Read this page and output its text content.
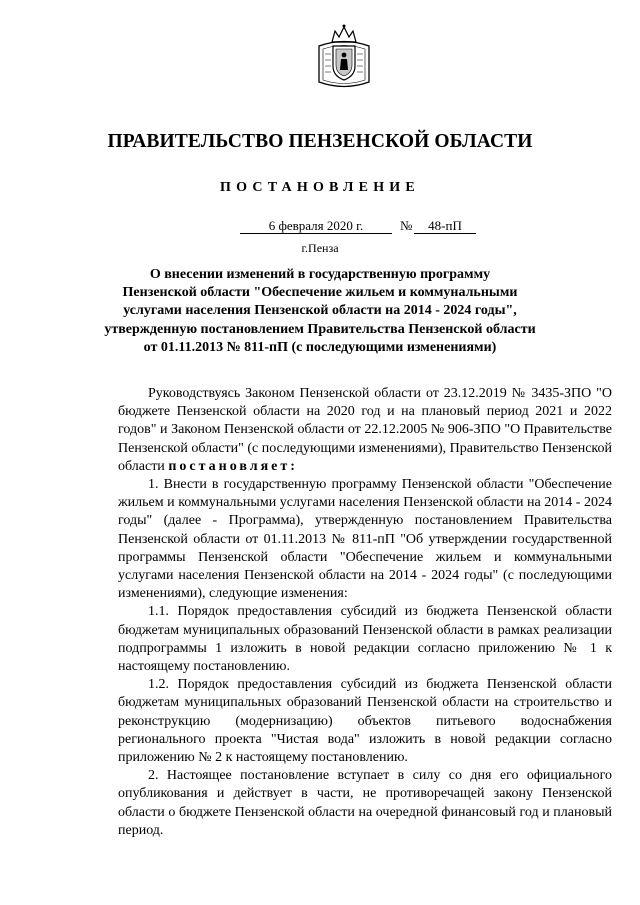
ПРАВИТЕЛЬСТВО ПЕНЗЕНСКОЙ ОБЛАСТИ
ПОСТАНОВЛЕНИЕ
6 февраля 2020 г.	№	48-пП
г.Пенза
О внесении изменений в государственную программу
Пензенской области "Обеспечение жильем и коммунальными
услугами населения Пензенской области на 2014 - 2024 годы",
утвержденную постановлением Правительства Пензенской области
от 01.11.2013 № 811-пП (с последующими изменениями)

Руководствуясь Законом Пензенской области от 23.12.2019 № 3435-ЗПО "О бюджете Пензенской области на 2020 год и на плановый период 2021 и 2022 годов" и Законом Пензенской области от 22.12.2005 № 906-ЗПО "О Правительстве Пензенской области" (с последующими изменениями), Правительство Пензенской области постановляет:

1. Внести в государственную программу Пензенской области "Обеспечение жильем и коммунальными услугами населения Пензенской области на 2014 - 2024 годы" (далее - Программа), утвержденную постановлением Правительства Пензенской области от 01.11.2013 № 811-пП "Об утверждении государственной программы Пензенской области "Обеспечение жильем и коммунальными услугами населения Пензенской области на 2014 - 2024 годы" (с последующими изменениями), следующие изменения:

1.1. Порядок предоставления субсидий из бюджета Пензенской области бюджетам муниципальных образований Пензенской области в рамках реализации подпрограммы 1 изложить в новой редакции согласно приложению № 1 к настоящему постановлению.

1.2. Порядок предоставления субсидий из бюджета Пензенской области бюджетам муниципальных образований Пензенской области на строительство и реконструкцию (модернизацию) объектов питьевого водоснабжения регионального проекта "Чистая вода" изложить в новой редакции согласно приложению № 2 к настоящему постановлению.

2. Настоящее постановление вступает в силу со дня его официального опубликования и действует в части, не противоречащей закону Пензенской области о бюджете Пензенской области на очередной финансовый год и плановый период.
